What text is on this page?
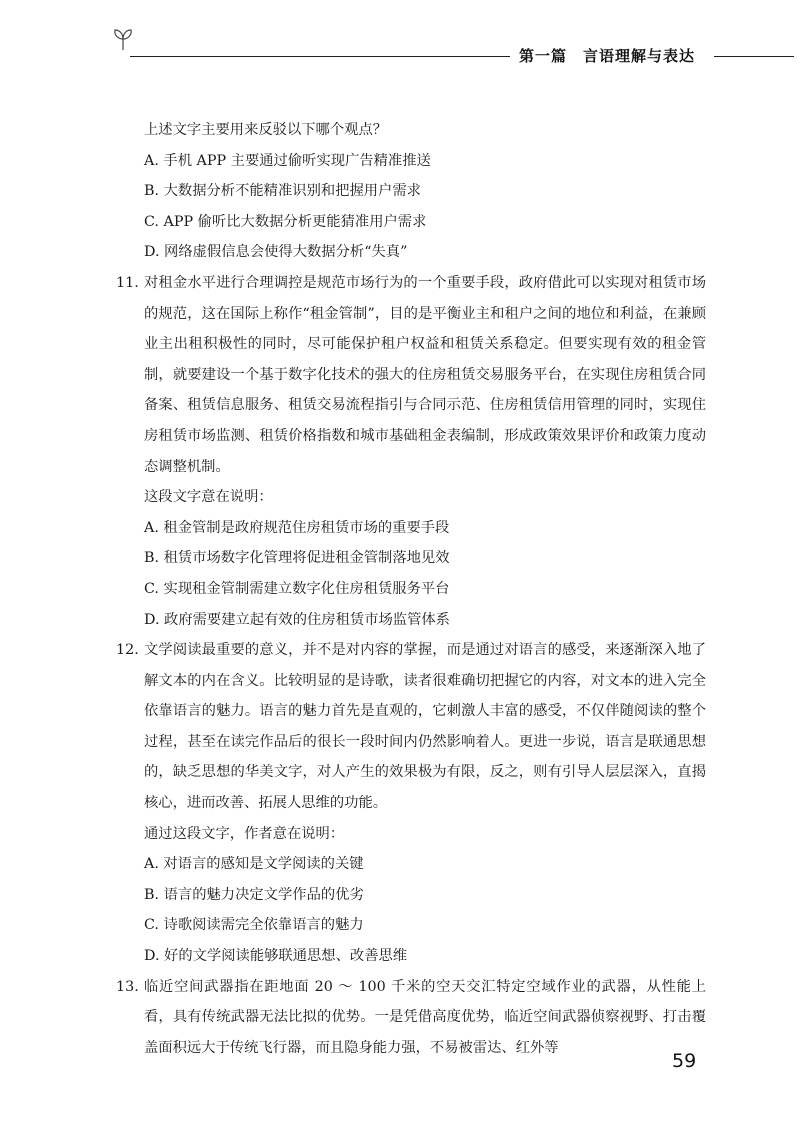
第一篇　言语理解与表达
上述文字主要用来反驳以下哪个观点？
A. 手机 APP 主要通过偷听实现广告精准推送
B. 大数据分析不能精准识别和把握用户需求
C. APP 偷听比大数据分析更能猜准用户需求
D. 网络虚假信息会使得大数据分析“失真”
11. 对租金水平进行合理调控是规范市场行为的一个重要手段，政府借此可以实现对租赁市场的规范，这在国际上称作“租金管制”，目的是平衡业主和租户之间的地位和利益，在兼顾业主出租积极性的同时，尽可能保护租户权益和租赁关系稳定。但要实现有效的租金管制，就要建设一个基于数字化技术的强大的住房租赁交易服务平台，在实现住房租赁合同备案、租赁信息服务、租赁交易流程指引与合同示范、住房租赁信用管理的同时，实现住房租赁市场监测、租赁价格指数和城市基础租金表编制，形成政策效果评价和政策力度动态调整机制。
这段文字意在说明：
A. 租金管制是政府规范住房租赁市场的重要手段
B. 租赁市场数字化管理将促进租金管制落地见效
C. 实现租金管制需建立数字化住房租赁服务平台
D. 政府需要建立起有效的住房租赁市场监管体系
12. 文学阅读最重要的意义，并不是对内容的掌握，而是通过对语言的感受，来逐渐深入地了解文本的内在含义。比较明显的是诗歌，读者很难确切把握它的内容，对文本的进入完全依靠语言的魅力。语言的魅力首先是直观的，它刺激人丰富的感受，不仅伴随阅读的整个过程，甚至在读完作品后的很长一段时间内仍然影响着人。更进一步说，语言是联通思想的，缺乏思想的华美文字，对人产生的效果极为有限，反之，则有引导人层层深入，直揭核心，进而改善、拓展人思维的功能。
通过这段文字，作者意在说明：
A. 对语言的感知是文学阅读的关键
B. 语言的魅力决定文学作品的优劣
C. 诗歌阅读需完全依靠语言的魅力
D. 好的文学阅读能够联通思想、改善思维
13. 临近空间武器指在距地面 20 ～ 100 千米的空天交汇特定空域作业的武器，从性能上看，具有传统武器无法比拟的优势。一是凭借高度优势，临近空间武器侦察视野、打击覆盖面积远大于传统飞行器，而且隐身能力强，不易被雷达、红外等
59
